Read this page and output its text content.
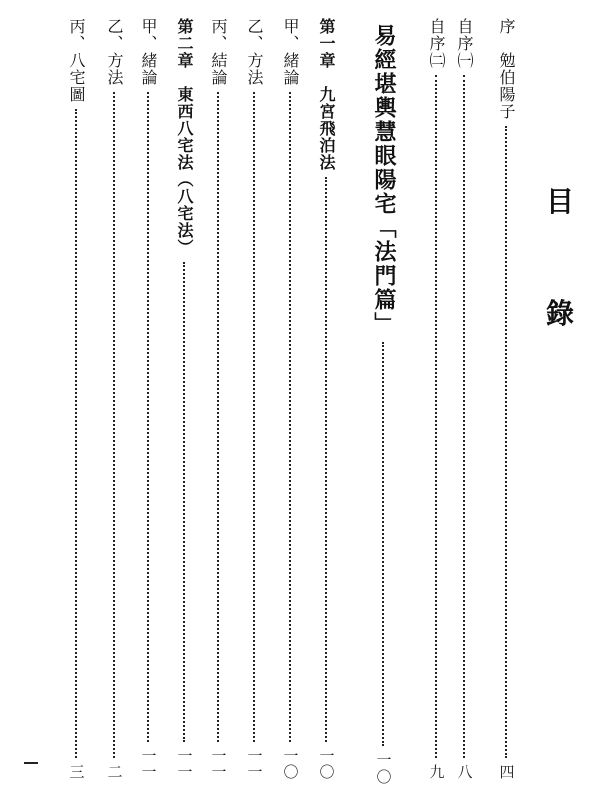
目
錄
序　勉伯陽子
四
自序㈠
八
自序㈡
九
易經堪輿慧眼陽宅「法門篇」
一〇
第一章　九宮飛泊法
一〇
甲、緒論
一〇
乙、方法
一一
丙、結論
一一
第二章　東西八宅法（八宅法）
一一
甲、緒論
一一
乙、方法
二
丙、八宅圖
三
